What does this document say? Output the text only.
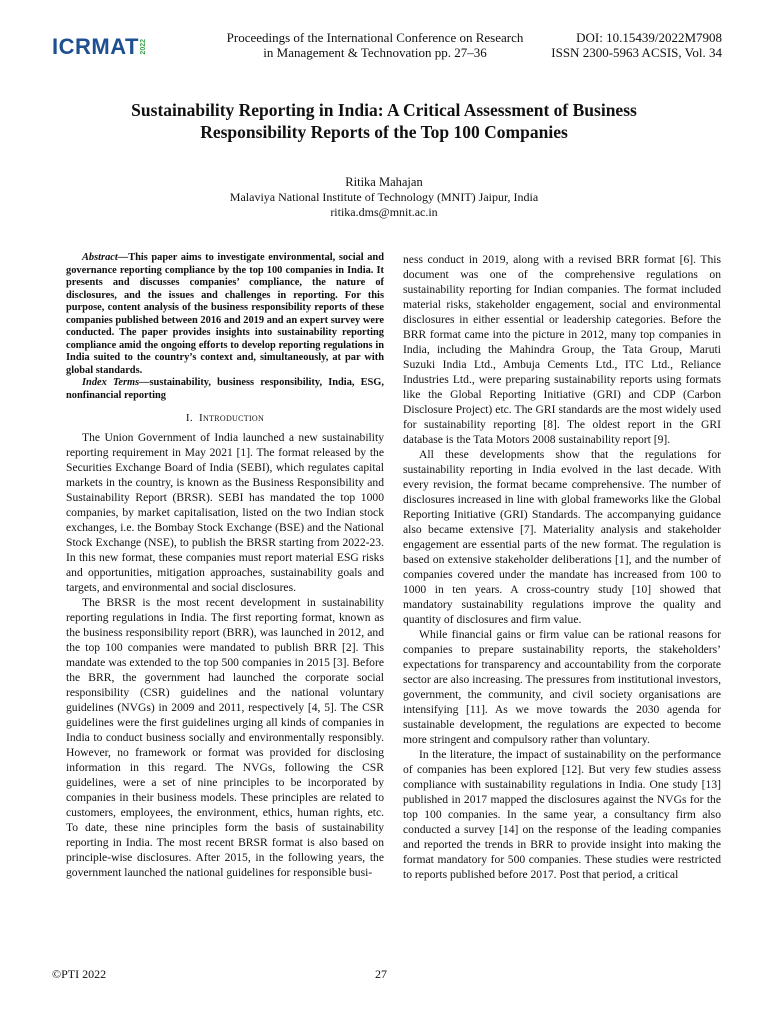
ICRMAT 2022
Proceedings of the International Conference on Research
in Management & Technovation pp. 27–36
DOI: 10.15439/2022M7908
ISSN 2300-5963 ACSIS, Vol. 34
Sustainability Reporting in India: A Critical Assessment of Business
Responsibility Reports of the Top 100 Companies
Ritika Mahajan
Malaviya National Institute of Technology (MNIT) Jaipur, India
ritika.dms@mnit.ac.in

Abstract—This paper aims to investigate environmental, social and governance reporting compliance by the top 100 companies in India. It presents and discusses companies’ compliance, the nature of disclosures, and the issues and challenges in reporting. For this purpose, content analysis of the business responsibility reports of these companies published between 2016 and 2019 and an expert survey were conducted. The paper provides insights into sustainability reporting compliance amid the ongoing efforts to develop reporting regulations in India suited to the country’s context and, simultaneously, at par with global standards.

Index Terms—sustainability, business responsibility, India, ESG, nonfinancial reporting

I. Introduction

The Union Government of India launched a new sustainability reporting requirement in May 2021 [1]. The format released by the Securities Exchange Board of India (SEBI), which regulates capital markets in the country, is known as the Business Responsibility and Sustainability Report (BRSR). SEBI has mandated the top 1000 companies, by market capitalisation, listed on the two Indian stock exchanges, i.e. the Bombay Stock Exchange (BSE) and the National Stock Exchange (NSE), to publish the BRSR starting from 2022-23. In this new format, these companies must report material ESG risks and opportunities, mitigation approaches, sustainability goals and targets, and environmental and social disclosures.

The BRSR is the most recent development in sustainability reporting regulations in India. The first reporting format, known as the business responsibility report (BRR), was launched in 2012, and the top 100 companies were mandated to publish BRR [2]. This mandate was extended to the top 500 companies in 2015 [3]. Before the BRR, the government had launched the corporate social responsibility (CSR) guidelines and the national voluntary guidelines (NVGs) in 2009 and 2011, respectively [4, 5]. The CSR guidelines were the first guidelines urging all kinds of companies in India to conduct business socially and environmentally responsibly. However, no framework or format was provided for disclosing information in this regard. The NVGs, following the CSR guidelines, were a set of nine principles to be incorporated by companies in their business models. These principles are related to customers, employees, the environment, ethics, human rights, etc. To date, these nine principles form the basis of sustainability reporting in India. The most recent BRSR format is also based on principle-wise disclosures. After 2015, in the following years, the government launched the national guidelines for responsible busi-

ness conduct in 2019, along with a revised BRR format [6]. This document was one of the comprehensive regulations on sustainability reporting for Indian companies. The format included material risks, stakeholder engagement, social and environmental disclosures in either essential or leadership categories. Before the BRR format came into the picture in 2012, many top companies in India, including the Mahindra Group, the Tata Group, Maruti Suzuki India Ltd., Ambuja Cements Ltd., ITC Ltd., Reliance Industries Ltd., were preparing sustainability reports using formats like the Global Reporting Initiative (GRI) and CDP (Carbon Disclosure Project) etc. The GRI standards are the most widely used for sustainability reporting [8]. The oldest report in the GRI database is the Tata Motors 2008 sustainability report [9].

All these developments show that the regulations for sustainability reporting in India evolved in the last decade. With every revision, the format became comprehensive. The number of disclosures increased in line with global frameworks like the Global Reporting Initiative (GRI) Standards. The accompanying guidance also became extensive [7]. Materiality analysis and stakeholder engagement are essential parts of the new format. The regulation is based on extensive stakeholder deliberations [1], and the number of companies covered under the mandate has increased from 100 to 1000 in ten years. A cross-country study [10] showed that mandatory sustainability regulations improve the quality and quantity of disclosures and firm value.

While financial gains or firm value can be rational reasons for companies to prepare sustainability reports, the stakeholders’ expectations for transparency and accountability from the corporate sector are also increasing. The pressures from institutional investors, government, the community, and civil society organisations are intensifying [11]. As we move towards the 2030 agenda for sustainable development, the regulations are expected to become more stringent and compulsory rather than voluntary.

In the literature, the impact of sustainability on the performance of companies has been explored [12]. But very few studies assess compliance with sustainability regulations in India. One study [13] published in 2017 mapped the disclosures against the NVGs for the top 100 companies. In the same year, a consultancy firm also conducted a survey [14] on the response of the leading companies and reported the trends in BRR to provide insight into making the format mandatory for 500 companies. These studies were restricted to reports published before 2017. Post that period, a critical

©PTI 2022	27
